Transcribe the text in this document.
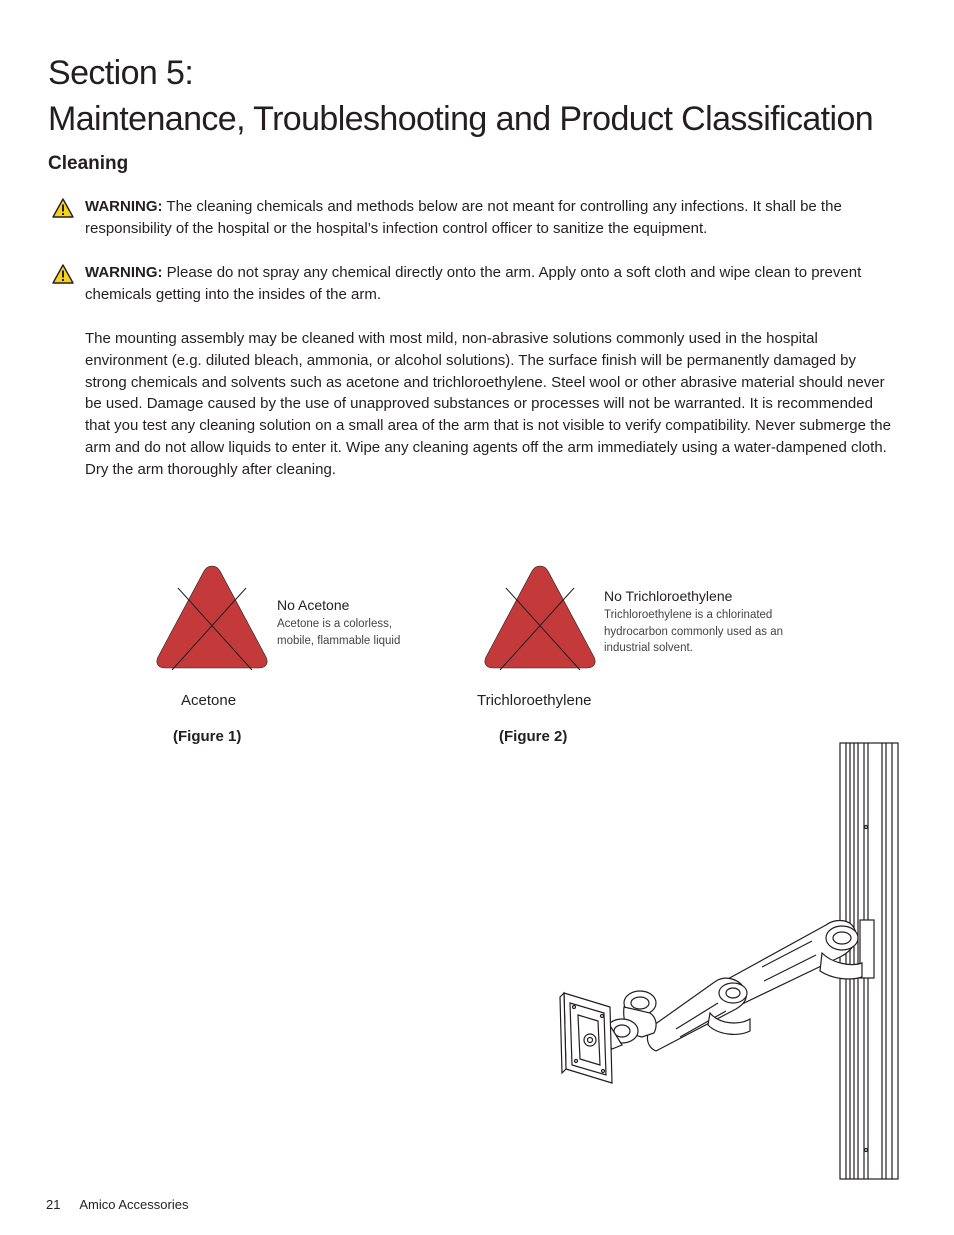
Section 5:
Maintenance, Troubleshooting and Product Classification
Cleaning

WARNING: The cleaning chemicals and methods below are not meant for controlling any infections. It shall be the responsibility of the hospital or the hospital’s infection control officer to sanitize the equipment.

WARNING: Please do not spray any chemical directly onto the arm. Apply onto a soft cloth and wipe clean to prevent chemicals getting into the insides of the arm.

The mounting assembly may be cleaned with most mild, non-abrasive solutions commonly used in the hospital environment (e.g. diluted bleach, ammonia, or alcohol solutions). The surface finish will be permanently damaged by strong chemicals and solvents such as acetone and trichloroethylene. Steel wool or other abrasive material should never be used. Damage caused by the use of unapproved substances or processes will not be warranted. It is recommended that you test any cleaning solution on a small area of the arm that is not visible to verify compatibility. Never submerge the arm and do not allow liquids to enter it. Wipe any cleaning agents off the arm immediately using a water-dampened cloth. Dry the arm thoroughly after cleaning.

No Acetone
Acetone is a colorless, mobile, flammable liquid
Acetone
(Figure 1)
No Trichloroethylene
Trichloroethylene is a chlorinated hydrocarbon commonly used as an industrial solvent.
Trichloroethylene
(Figure 2)
21 Amico Accessories
